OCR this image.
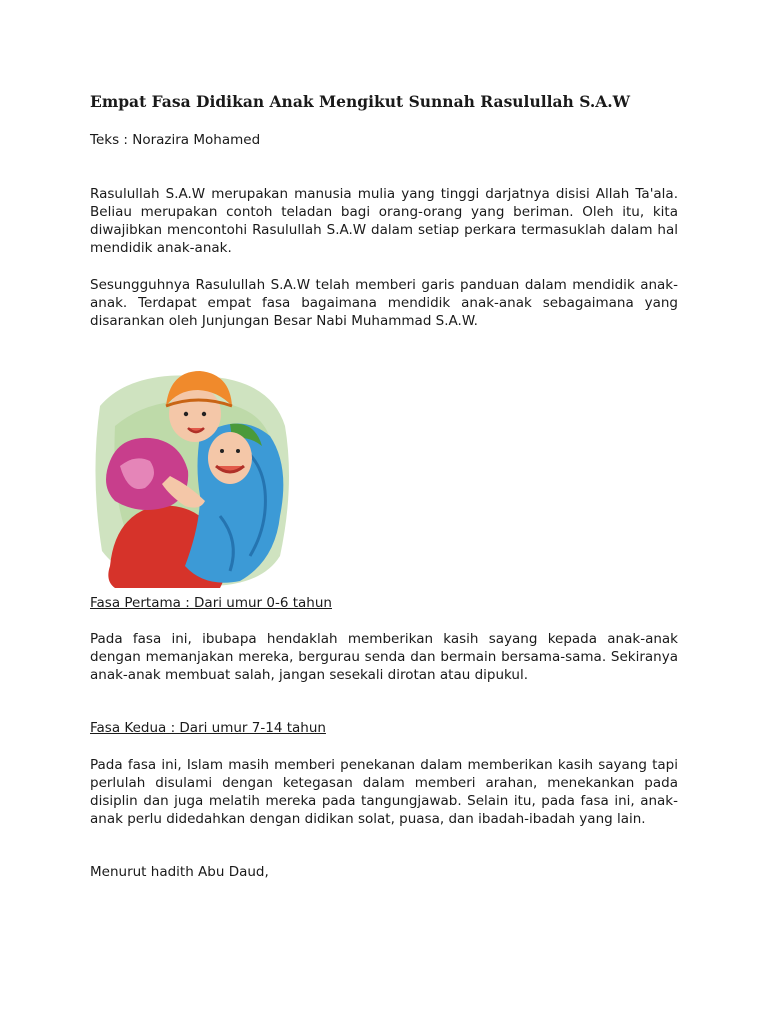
Empat Fasa Didikan Anak Mengikut Sunnah Rasulullah S.A.W
Teks : Norazira Mohamed

Rasulullah S.A.W merupakan manusia mulia yang tinggi darjatnya disisi Allah Ta'ala. Beliau merupakan contoh teladan bagi orang-orang yang beriman. Oleh itu, kita diwajibkan mencontohi Rasulullah S.A.W dalam setiap perkara termasuklah dalam hal mendidik anak-anak.

Sesungguhnya Rasulullah S.A.W telah memberi garis panduan dalam mendidik anak-anak. Terdapat empat fasa bagaimana mendidik anak-anak sebagaimana yang disarankan oleh Junjungan Besar Nabi Muhammad S.A.W.

Fasa Pertama : Dari umur 0-6 tahun

Pada fasa ini, ibubapa hendaklah memberikan kasih sayang kepada anak-anak dengan memanjakan mereka, bergurau senda dan bermain bersama-sama. Sekiranya anak-anak membuat salah, jangan sesekali dirotan atau dipukul.

Fasa Kedua : Dari umur 7-14 tahun

Pada fasa ini, Islam masih memberi penekanan dalam memberikan kasih sayang tapi perlulah disulami dengan ketegasan dalam memberi arahan, menekankan pada disiplin dan juga melatih mereka pada tangungjawab. Selain itu, pada fasa ini, anak-anak perlu didedahkan dengan didikan solat, puasa, dan ibadah-ibadah yang lain.

Menurut hadith Abu Daud,
